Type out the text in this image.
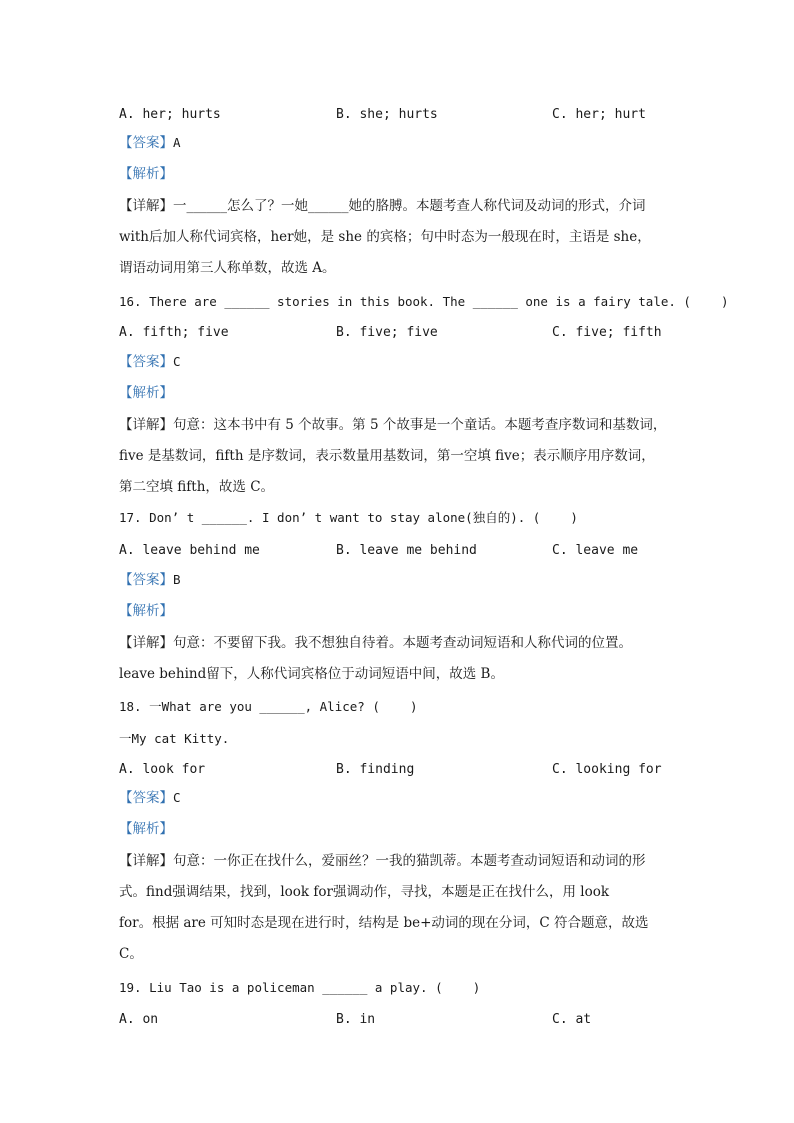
A. her; hurts	B. she; hurts	C. her; hurt
【答案】A
【解析】
【详解】一______怎么了？一她______她的胳膊。本题考查人称代词及动词的形式，介词
with后加人称代词宾格，her她，是 she 的宾格；句中时态为一般现在时，主语是 she，
谓语动词用第三人称单数，故选 A。
16. There are ______ stories in this book. The ______ one is a fairy tale. (    )
A. fifth; five	B. five; five	C. five; fifth
【答案】C
【解析】
【详解】句意：这本书中有 5 个故事。第 5 个故事是一个童话。本题考查序数词和基数词，
five 是基数词，fifth 是序数词，表示数量用基数词，第一空填 five；表示顺序用序数词，
第二空填 fifth，故选 C。
17. Don’ t ______. I don’ t want to stay alone(独自的). (    )
A. leave behind me	B. leave me behind	C. leave me
【答案】B
【解析】
【详解】句意：不要留下我。我不想独自待着。本题考查动词短语和人称代词的位置。
leave behind留下，人称代词宾格位于动词短语中间，故选 B。
18. 一What are you ______, Alice? (    )
一My cat Kitty.
A. look for	B. finding	C. looking for
【答案】C
【解析】
【详解】句意：一你正在找什么，爱丽丝？一我的猫凯蒂。本题考查动词短语和动词的形
式。find强调结果，找到，look for强调动作，寻找，本题是正在找什么，用 look
for。根据 are 可知时态是现在进行时，结构是 be+动词的现在分词，C 符合题意，故选
C。
19. Liu Tao is a policeman ______ a play. (    )
A. on	B. in	C. at
